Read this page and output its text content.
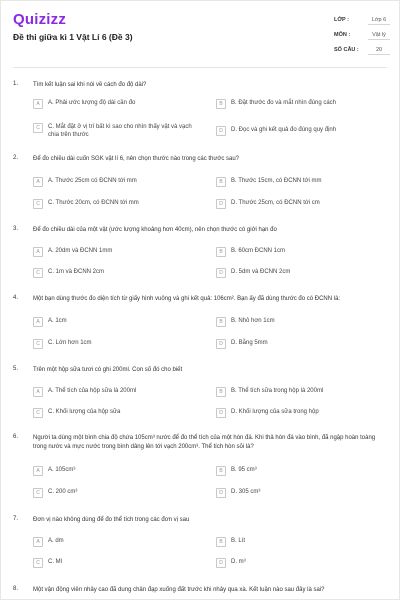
Quizizz
Đề thi giữa kì 1 Vật Lí 6 (Đề 3)
LỚP :	Lớp 6
MÔN :	Vật lý
SỐ CÂU :	20
1. Tìm kết luận sai khi nói về cách đo độ dài?
A	A. Phải ước lượng độ dài cần đo	B	B. Đặt thước đo và mắt nhìn đúng cách
C	C. Mắt đặt ở vị trí bất kì sao cho nhìn thấy vật và vạch chia trên thước
D	D. Đọc và ghi kết quả đo đúng quy định
2. Để đo chiều dài cuốn SGK vật lí 6, nên chọn thước nào trong các thước sau?
A	A. Thước 25cm có ĐCNN tới mm	B	B. Thước 15cm, có ĐCNN tới mm
C	C. Thước 20cm, có ĐCNN tới mm	D	D. Thước 25cm, có ĐCNN tới cm
3. Để đo chiều dài của một vật (ước lượng khoảng hơn 40cm), nên chọn thước có giới hạn đo
A	A. 20dm và ĐCNN 1mm	B	B. 60cm ĐCNN 1cm
C	C. 1m và ĐCNN 2cm	D	D. 5dm và ĐCNN 2cm
4. Một bạn dùng thước đo diện tích từ giấy hình vuông và ghi kết quả: 106cm². Bạn ấy đã dùng thước đo có ĐCNN là:
A	A. 1cm	B	B. Nhỏ hơn 1cm
C	C. Lớn hơn 1cm	D	D. Bằng 5mm
5. Trên một hộp sữa tươi có ghi 200ml. Con số đó cho biết
A	A. Thể tích của hộp sữa là 200ml	B	B. Thể tích sữa trong hộp là 200ml
C	C. Khối lượng của hộp sữa	D	D. Khối lượng của sữa trong hộp
6. Người ta dùng một bình chia độ chứa 105cm³ nước để đo thể tích của một hòn đá. Khi thả hòn đá vào bình, đã ngập hoàn toàng trong nước và mực nước trong bình dâng lên tới vạch 200cm³. Thể tích hòn sỏi là?
A	A. 105cm³	B	B. 95 cm³
C	C. 200 cm³	D	D. 305 cm³
7. Đơn vị nào không dùng để đo thể tích trong các đơn vị sau
A	A. dm	B	B. Lít
C	C. Ml	D	D. m³
8. Một vận động viên nhảy cao đã dung chân đạp xuống đất trước khi nhảy qua xà. Kết luận nào sau đây là sai?
